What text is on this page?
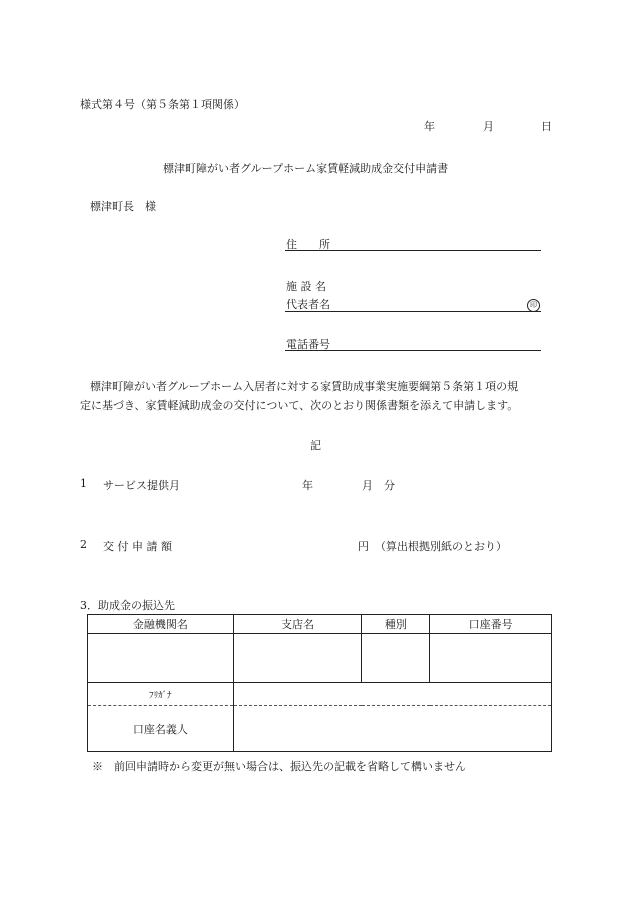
様式第４号（第５条第１項関係）
年	月	日
標津町障がい者グループホーム家賃軽減助成金交付申請書
標津町長　様
住　　所
施 設 名
代表者名	印
電話番号
標津町障がい者グループホーム入居者に対する家賃助成事業実施要綱第５条第１項の規
定に基づき、家賃軽減助成金の交付について、次のとおり関係書類を添えて申請します。
記
1 サービス提供月	年	月 分
2 交 付 申 請 額	円 （算出根拠別紙のとおり）
3．助成金の振込先
金融機関名	支店名	種別	口座番号

ﾌﾘｶﾞﾅ			
口座名義人			
※　前回申請時から変更が無い場合は、振込先の記載を省略して構いません
